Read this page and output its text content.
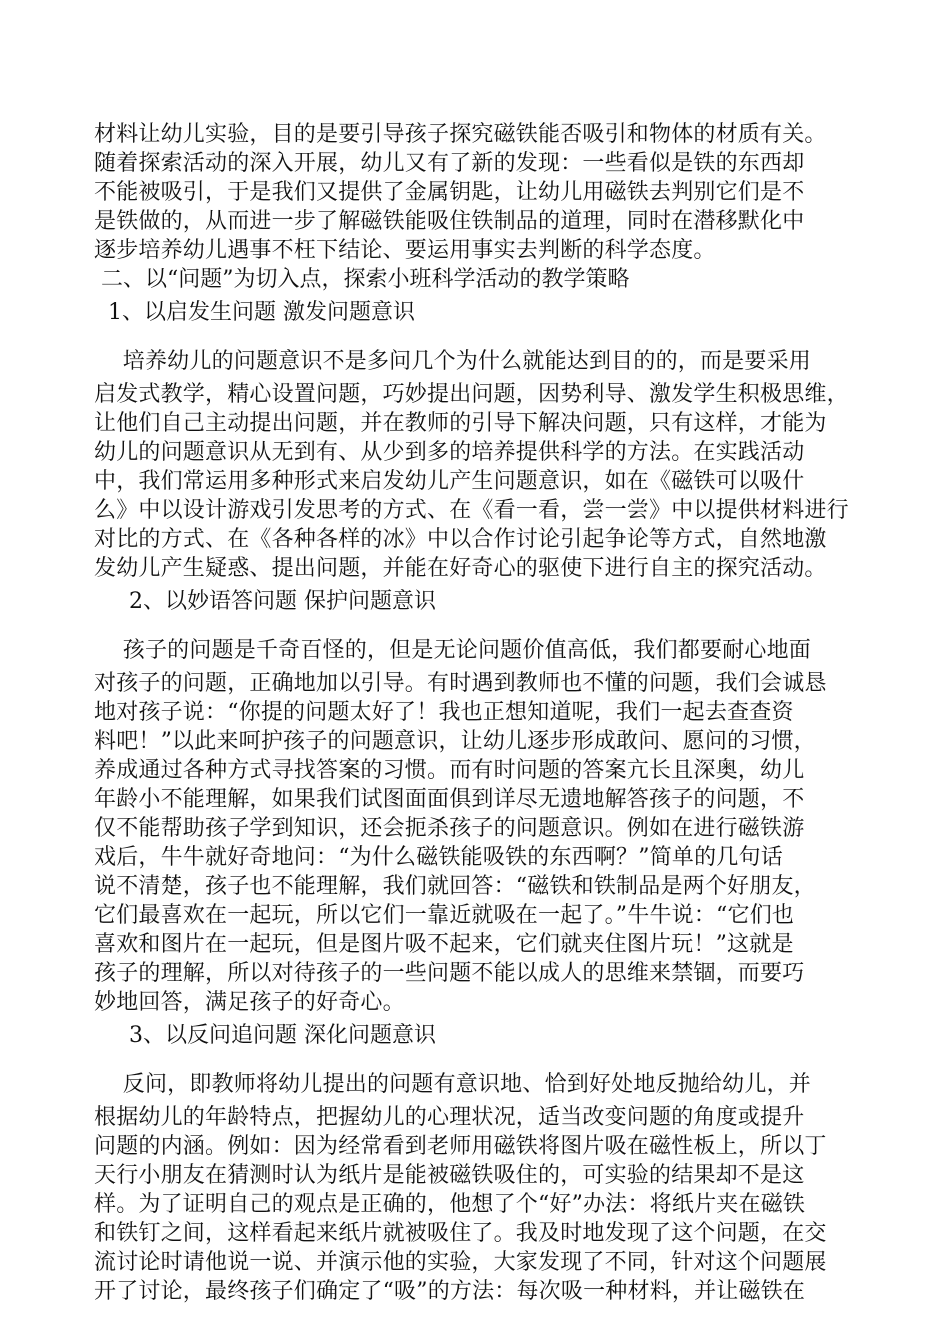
材料让幼儿实验，目的是要引导孩子探究磁铁能否吸引和物体的材质有关。
随着探索活动的深入开展，幼儿又有了新的发现：一些看似是铁的东西却
不能被吸引，于是我们又提供了金属钥匙，让幼儿用磁铁去判别它们是不
是铁做的，从而进一步了解磁铁能吸住铁制品的道理，同时在潜移默化中
逐步培养幼儿遇事不枉下结论、要运用事实去判断的科学态度。
二、以“问题”为切入点，探索小班科学活动的教学策略
1、以启发生问题 激发问题意识
培养幼儿的问题意识不是多问几个为什么就能达到目的的，而是要采用
启发式教学，精心设置问题，巧妙提出问题，因势利导、激发学生积极思维，
让他们自己主动提出问题，并在教师的引导下解决问题，只有这样，才能为
幼儿的问题意识从无到有、从少到多的培养提供科学的方法。在实践活动
中，我们常运用多种形式来启发幼儿产生问题意识，如在《磁铁可以吸什
么》中以设计游戏引发思考的方式、在《看一看，尝一尝》中以提供材料进行
对比的方式、在《各种各样的冰》中以合作讨论引起争论等方式，自然地激
发幼儿产生疑惑、提出问题，并能在好奇心的驱使下进行自主的探究活动。
2、以妙语答问题 保护问题意识
孩子的问题是千奇百怪的，但是无论问题价值高低，我们都要耐心地面
对孩子的问题，正确地加以引导。有时遇到教师也不懂的问题，我们会诚恳
地对孩子说：“你提的问题太好了！我也正想知道呢，我们一起去查查资
料吧！”以此来呵护孩子的问题意识，让幼儿逐步形成敢问、愿问的习惯，
养成通过各种方式寻找答案的习惯。而有时问题的答案亢长且深奥，幼儿
年龄小不能理解，如果我们试图面面俱到详尽无遗地解答孩子的问题，不
仅不能帮助孩子学到知识，还会扼杀孩子的问题意识。例如在进行磁铁游
戏后，牛牛就好奇地问：“为什么磁铁能吸铁的东西啊？”简单的几句话
说不清楚，孩子也不能理解，我们就回答：“磁铁和铁制品是两个好朋友，
它们最喜欢在一起玩，所以它们一靠近就吸在一起了。”牛牛说：“它们也
喜欢和图片在一起玩，但是图片吸不起来，它们就夹住图片玩！”这就是
孩子的理解，所以对待孩子的一些问题不能以成人的思维来禁锢，而要巧
妙地回答，满足孩子的好奇心。
3、以反问追问题 深化问题意识
反问，即教师将幼儿提出的问题有意识地、恰到好处地反抛给幼儿，并
根据幼儿的年龄特点，把握幼儿的心理状况，适当改变问题的角度或提升
问题的内涵。例如：因为经常看到老师用磁铁将图片吸在磁性板上，所以丁
天行小朋友在猜测时认为纸片是能被磁铁吸住的，可实验的结果却不是这
样。为了证明自己的观点是正确的，他想了个“好”办法：将纸片夹在磁铁
和铁钉之间，这样看起来纸片就被吸住了。我及时地发现了这个问题，在交
流讨论时请他说一说、并演示他的实验，大家发现了不同，针对这个问题展
开了讨论，最终孩子们确定了“吸”的方法：每次吸一种材料，并让磁铁在
